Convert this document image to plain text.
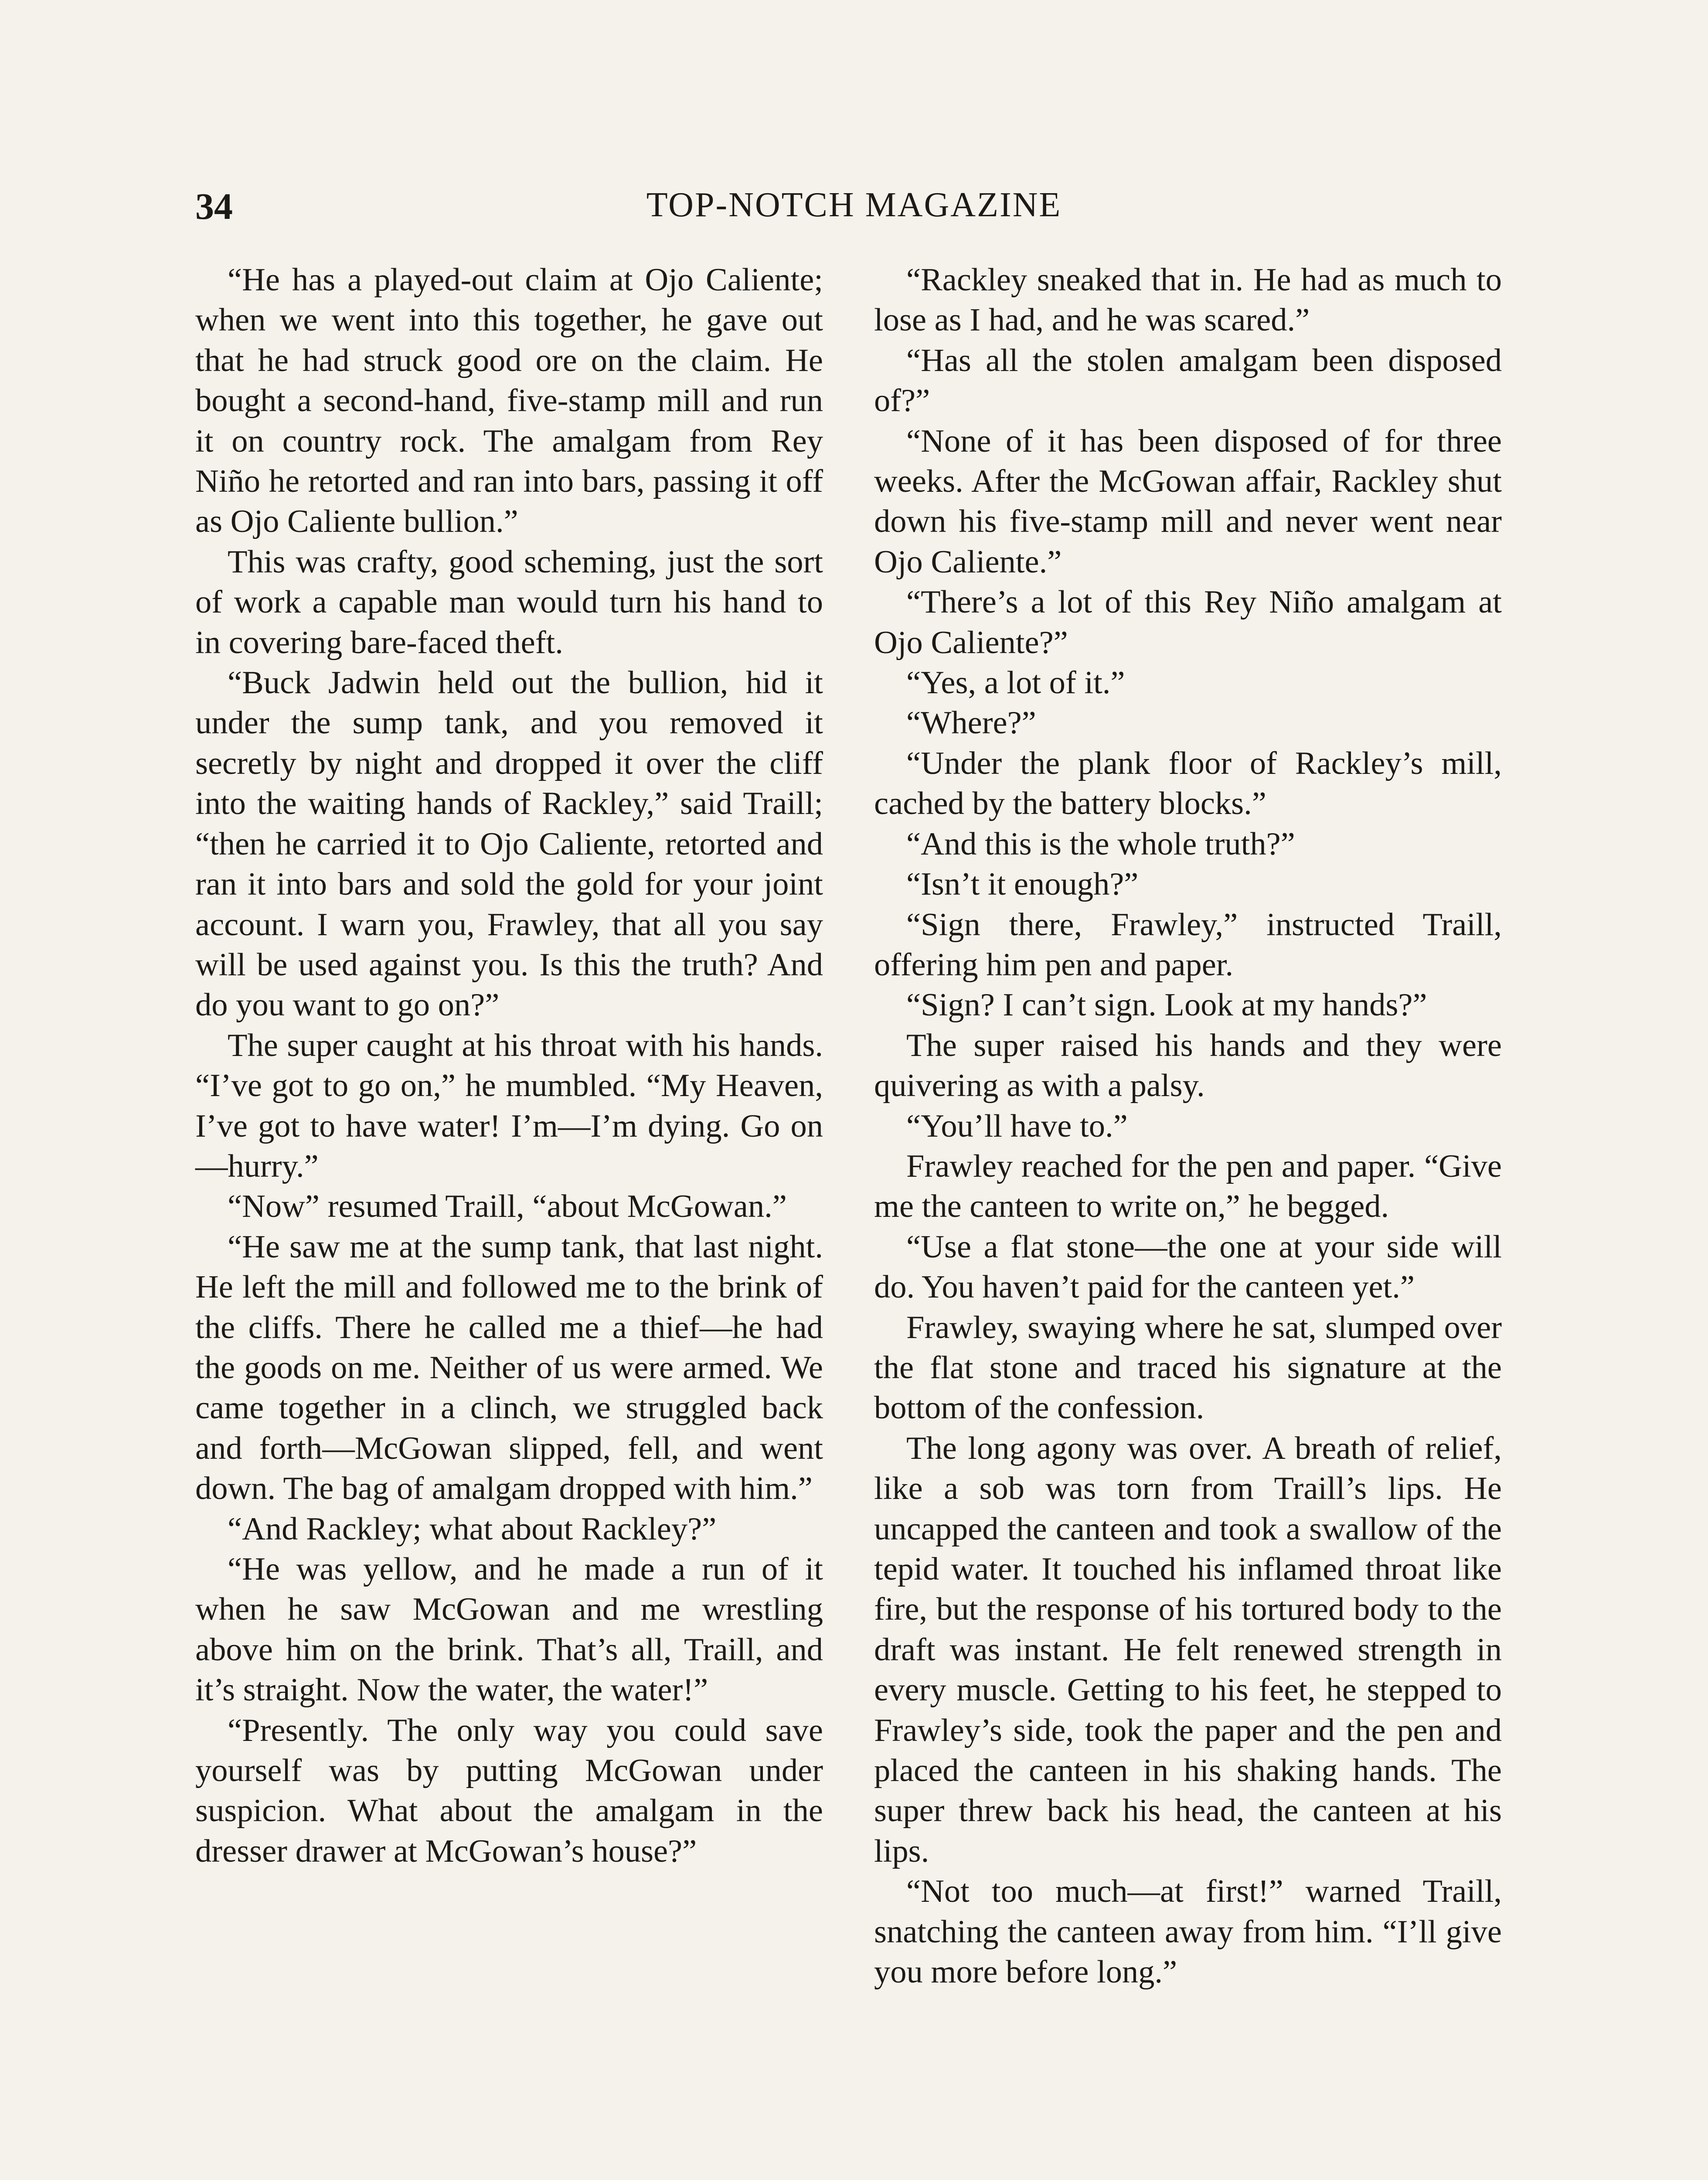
34	TOP-NOTCH MAGAZINE

“He has a played-out claim at Ojo Caliente; when we went into this together, he gave out that he had struck good ore on the claim. He bought a second-hand, five-stamp mill and run it on country rock. The amalgam from Rey Niño he retorted and ran into bars, passing it off as Ojo Caliente bullion.”

This was crafty, good scheming, just the sort of work a capable man would turn his hand to in covering bare-faced theft.

“Buck Jadwin held out the bullion, hid it under the sump tank, and you removed it secretly by night and dropped it over the cliff into the waiting hands of Rackley,” said Traill; “then he carried it to Ojo Caliente, retorted and ran it into bars and sold the gold for your joint account. I warn you, Frawley, that all you say will be used against you. Is this the truth? And do you want to go on?”

The super caught at his throat with his hands. “I’ve got to go on,” he mumbled. “My Heaven, I’ve got to have water! I’m—I’m dying. Go on—hurry.”

“Now” resumed Traill, “about McGowan.”

“He saw me at the sump tank, that last night. He left the mill and followed me to the brink of the cliffs. There he called me a thief—he had the goods on me. Neither of us were armed. We came together in a clinch, we struggled back and forth—McGowan slipped, fell, and went down. The bag of amalgam dropped with him.”

“And Rackley; what about Rackley?”

“He was yellow, and he made a run of it when he saw McGowan and me wrestling above him on the brink. That’s all, Traill, and it’s straight. Now the water, the water!”

“Presently. The only way you could save yourself was by putting McGowan under suspicion. What about the amalgam in the dresser drawer at McGowan’s house?”

“Rackley sneaked that in. He had as much to lose as I had, and he was scared.”

“Has all the stolen amalgam been disposed of?”

“None of it has been disposed of for three weeks. After the McGowan affair, Rackley shut down his five-stamp mill and never went near Ojo Caliente.”

“There’s a lot of this Rey Niño amalgam at Ojo Caliente?”

“Yes, a lot of it.”

“Where?”

“Under the plank floor of Rackley’s mill, cached by the battery blocks.”

“And this is the whole truth?”

“Isn’t it enough?”

“Sign there, Frawley,” instructed Traill, offering him pen and paper.

“Sign? I can’t sign. Look at my hands?”

The super raised his hands and they were quivering as with a palsy.

“You’ll have to.”

Frawley reached for the pen and paper. “Give me the canteen to write on,” he begged.

“Use a flat stone—the one at your side will do. You haven’t paid for the canteen yet.”

Frawley, swaying where he sat, slumped over the flat stone and traced his signature at the bottom of the confession.

The long agony was over. A breath of relief, like a sob was torn from Traill’s lips. He uncapped the canteen and took a swallow of the tepid water. It touched his inflamed throat like fire, but the response of his tortured body to the draft was instant. He felt renewed strength in every muscle. Getting to his feet, he stepped to Frawley’s side, took the paper and the pen and placed the canteen in his shaking hands. The super threw back his head, the canteen at his lips.

“Not too much—at first!” warned Traill, snatching the canteen away from him. “I’ll give you more before long.”
